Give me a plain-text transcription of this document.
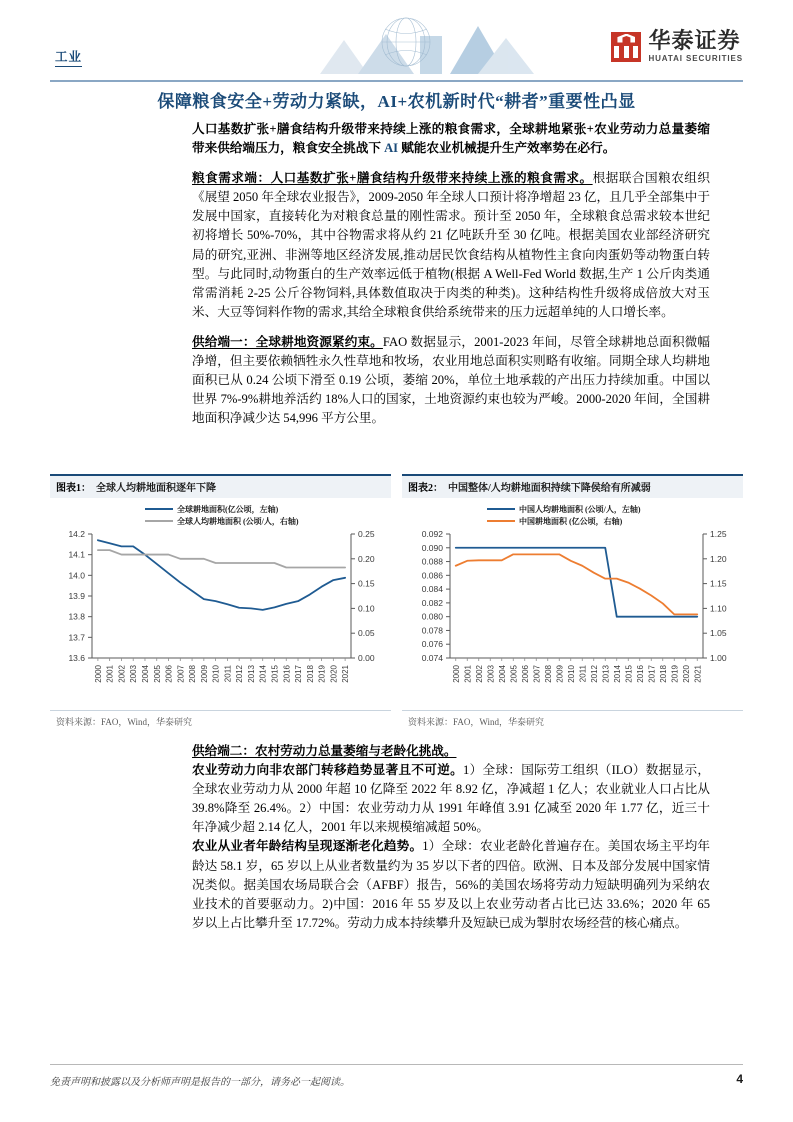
工业
华泰证券
HUATAI SECURITIES
保障粮食安全+劳动力紧缺，AI+农机新时代“耕者”重要性凸显

人口基数扩张+膳食结构升级带来持续上涨的粮食需求，全球耕地紧张+农业劳动力总量萎缩带来供给端压力，粮食安全挑战下 AI 赋能农业机械提升生产效率势在必行。

粮食需求端：人口基数扩张+膳食结构升级带来持续上涨的粮食需求。根据联合国粮农组织《展望 2050 年全球农业报告》，2009-2050 年全球人口预计将净增超 23 亿，且几乎全部集中于发展中国家，直接转化为对粮食总量的刚性需求。预计至 2050 年，全球粮食总需求较本世纪初将增长 50%-70%，其中谷物需求将从约 21 亿吨跃升至 30 亿吨。根据美国农业部经济研究局的研究,亚洲、非洲等地区经济发展,推动居民饮食结构从植物性主食向肉蛋奶等动物蛋白转型。与此同时,动物蛋白的生产效率远低于植物(根据 A Well-Fed World 数据,生产 1 公斤肉类通常需消耗 2-25 公斤谷物饲料,具体数值取决于肉类的种类)。这种结构性升级将成倍放大对玉米、大豆等饲料作物的需求,其给全球粮食供给系统带来的压力远超单纯的人口增长率。

供给端一：全球耕地资源紧约束。FAO 数据显示，2001-2023 年间，尽管全球耕地总面积微幅净增，但主要依赖牺牲永久性草地和牧场，农业用地总面积实则略有收缩。同期全球人均耕地面积已从 0.24 公顷下滑至 0.19 公顷，萎缩 20%，单位土地承载的产出压力持续加重。中国以世界 7%-9%耕地养活约 18%人口的国家，土地资源约束也较为严峻。2000-2020 年间，全国耕地面积净减少达 54,996 平方公里。

图表1： 全球人均耕地面积逐年下降
全球耕地面积(亿公顷，左轴)
全球人均耕地面积 (公顷/人，右轴)
13.6
13.7
13.8
13.9
14.0
14.1
14.2
0.00
0.05
0.10
0.15
0.20
0.25
2000 2001 2002 2003 2004 2005 2006 2007 2008 2009 2010 2011 2012 2013 2014 2015 2016 2017 2018 2019 2020 2021
资料来源：FAO，Wind，华泰研究
图表2： 中国整体/人均耕地面积持续下降侯给有所减弱
中国人均耕地面积 (公顷/人，左轴)
中国耕地面积 (亿公顷，右轴)
0.074
0.076
0.078
0.080
0.082
0.084
0.086
0.088
0.090
0.092
1.00
1.05
1.10
1.15
1.20
1.25
2000 2001 2002 2003 2004 2005 2006 2007 2008 2009 2010 2011 2012 2013 2014 2015 2016 2017 2018 2019 2020 2021
资料来源：FAO，Wind，华泰研究

供给端二：农村劳动力总量萎缩与老龄化挑战。

农业劳动力向非农部门转移趋势显著且不可逆。1）全球：国际劳工组织（ILO）数据显示，全球农业劳动力从 2000 年超 10 亿降至 2022 年 8.92 亿，净减超 1 亿人；农业就业人口占比从 39.8%降至 26.4%。2）中国：农业劳动力从 1991 年峰值 3.91 亿减至 2020 年 1.77 亿，近三十年净减少超 2.14 亿人，2001 年以来规模缩减超 50%。

农业从业者年龄结构呈现逐渐老化趋势。1）全球：农业老龄化普遍存在。美国农场主平均年龄达 58.1 岁，65 岁以上从业者数量约为 35 岁以下者的四倍。欧洲、日本及部分发展中国家情况类似。据美国农场局联合会（AFBF）报告，56%的美国农场将劳动力短缺明确列为采纳农业技术的首要驱动力。2)中国：2016 年 55 岁及以上农业劳动者占比已达 33.6%；2020 年 65 岁以上占比攀升至 17.72%。劳动力成本持续攀升及短缺已成为掣肘农场经营的核心痛点。

免责声明和披露以及分析师声明是报告的一部分，请务必一起阅读。	4
